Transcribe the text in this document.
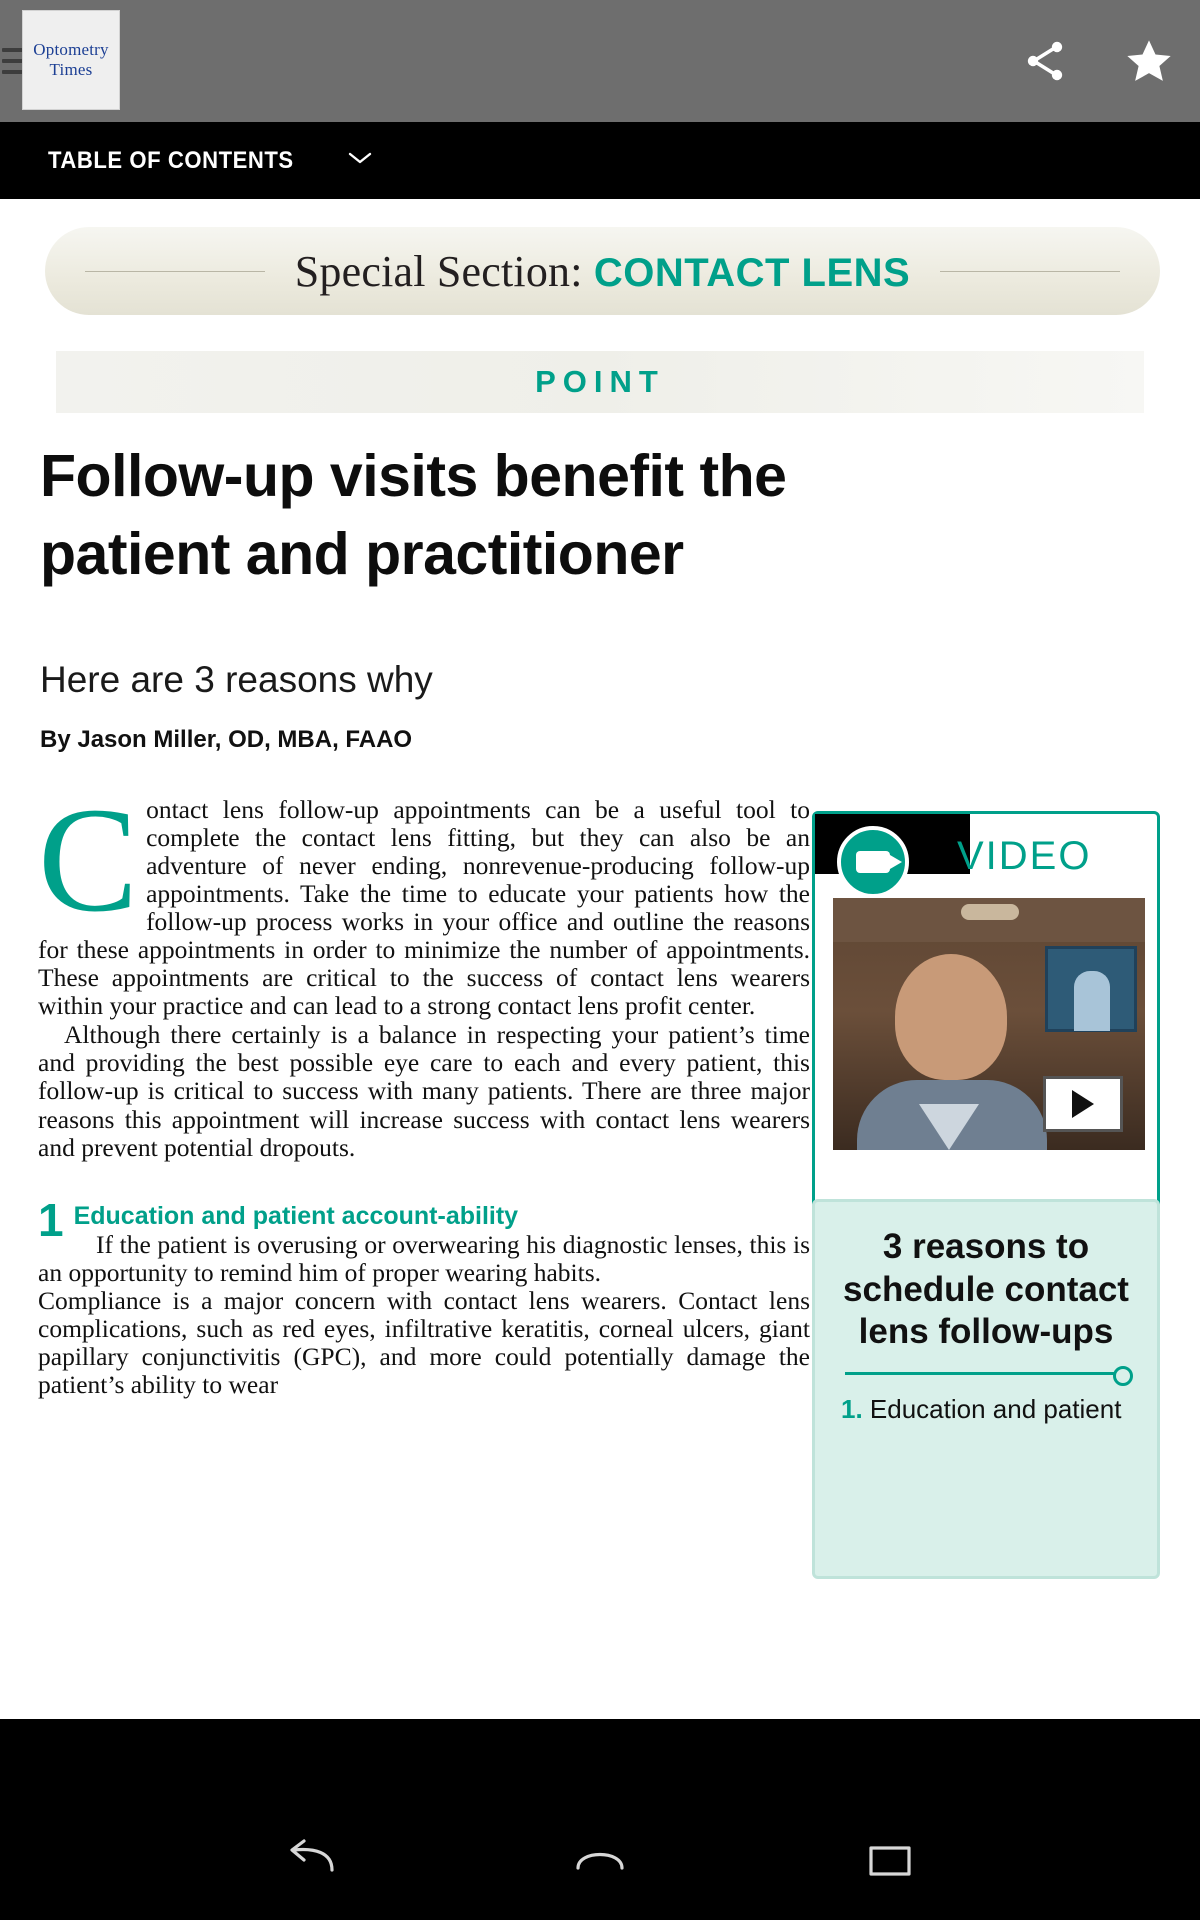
Optometry
Times
TABLE OF CONTENTS
Special Section: CONTACT LENS
POINT
Follow-up visits benefit the patient and practitioner
Here are 3 reasons why
By Jason Miller, OD, MBA, FAAO
C ontact lens follow-up appointments can be a useful tool to complete the contact lens fitting, but they can also be an adventure of never ending, nonrevenue-producing follow-up appointments. Take the time to educate your patients how the follow-up process works in your office and outline the reasons for these appointments in order to minimize the number of appointments. These appointments are critical to the success of contact lens wearers within your practice and can lead to a strong contact lens profit center.

Although there certainly is a balance in respecting your patient’s time and providing the best possible eye care to each and every patient, this follow-up is critical to success with many patients. There are three major reasons this appointment will increase success with contact lens wearers and prevent potential dropouts.

1 Education and patient account-ability

If the patient is overusing or overwearing his diagnostic lenses, this is an opportunity to remind him of proper wearing habits.

Compliance is a major concern with contact lens wearers. Contact lens complications, such as red eyes, infiltrative keratitis, corneal ulcers, giant papillary conjunctivitis (GPC), and more could potentially damage the patient’s ability to wear

VIDEO
3 reasons to schedule contact lens follow-ups
1. Education and patient
